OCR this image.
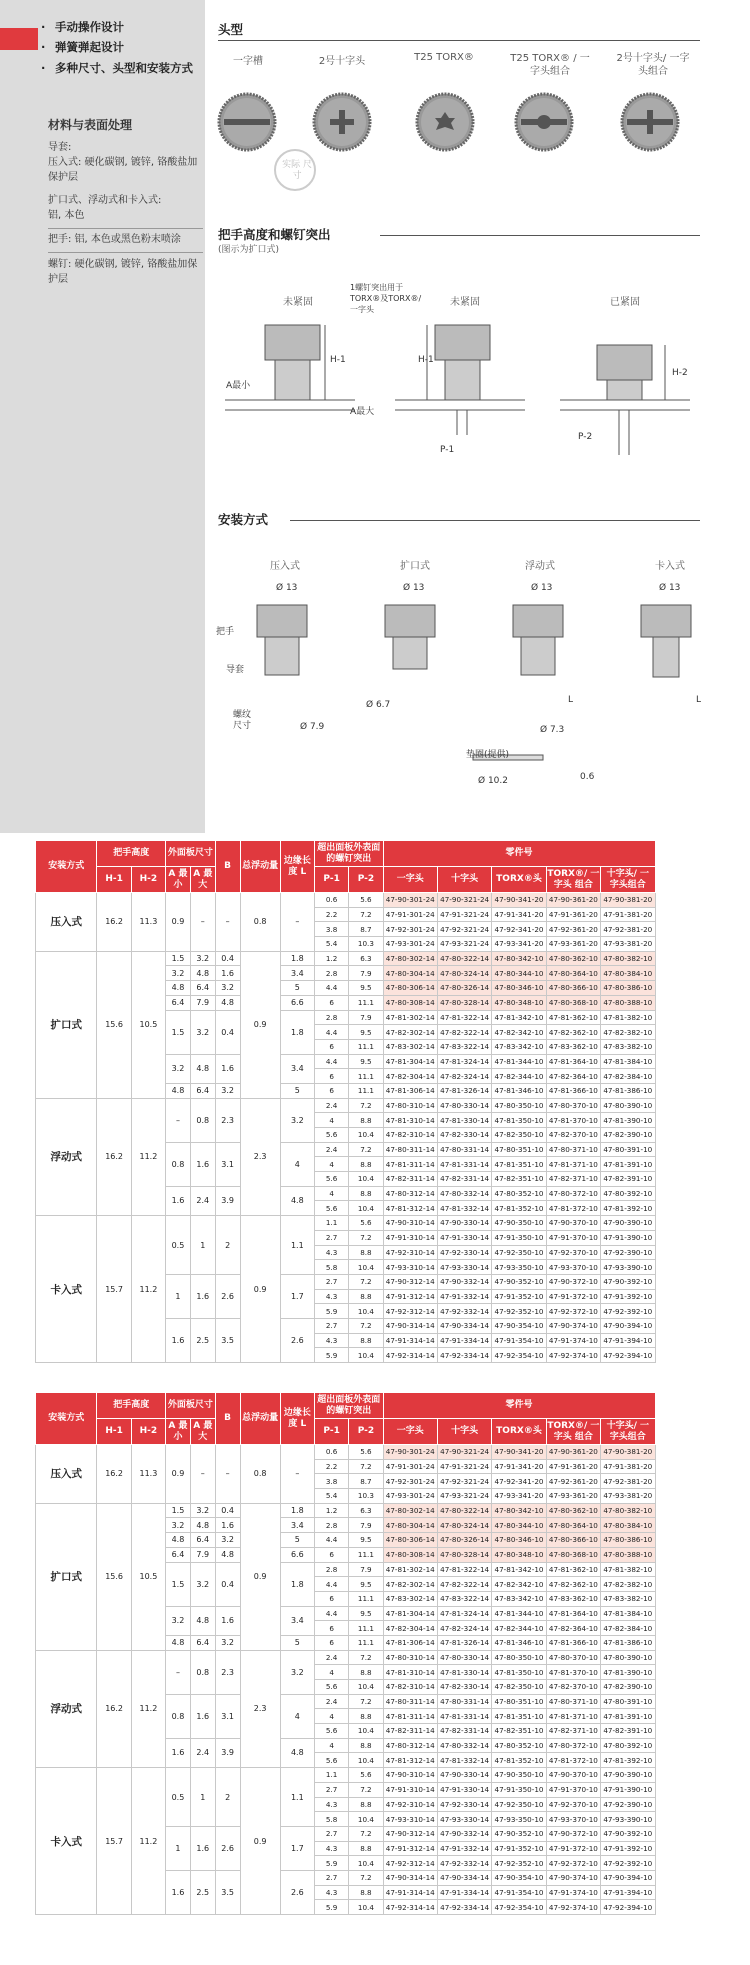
· 手动操作设计
· 弹簧弹起设计
· 多种尺寸、头型和安装方式
材料与表面处理
导套:
压入式: 硬化碳钢, 镀锌, 铬酸盐加保护层
扩口式、浮动式和卡入式:
铝, 本色
把手: 铝, 本色或黑色粉末喷涂
螺钉: 硬化碳钢, 镀锌, 铬酸盐加保护层
头型
一字槽	2号十字头	T25 TORX®	T25 TORX® / 一字头组合
2号十字头/ 一字头组合
实际 尺寸
把手高度和螺钉突出
(图示为扩口式)
未紧固	未紧固	已紧固
1螺钉突出用于TORX®及TORX®/一字头
A最小
A最大
H-1	H-1
H-2
P-1
P-2
安装方式
压入式	扩口式	浮动式	卡入式
Ø 13	Ø 13	Ø 13	Ø 13
把手
导套
螺纹尺寸	Ø 7.9
Ø 6.7
Ø 7.3
L	L
垫圈(提供)
Ø 10.2	0.6
安装方式	把手高度		外面板尺寸		B	总浮动量	边缘长度 L	超出面板外表面的螺钉突出		零件号				
	H-1	H-2	A 最小	A 最大				P-1	P-2	一字头	十字头	TORX®头	TORX®/ 一字头 组合	十字头/ 一 字头组合
压入式	16.2	11.3	0.9	–	–	0.8	–	0.6	5.6	47-90-301-24	47-90-321-24	47-90-341-20	47-90-361-20	47-90-381-20
								2.2	7.2	47-91-301-24	47-91-321-24	47-91-341-20	47-91-361-20	47-91-381-20
								3.8	8.7	47-92-301-24	47-92-321-24	47-92-341-20	47-92-361-20	47-92-381-20
								5.4	10.3	47-93-301-24	47-93-321-24	47-93-341-20	47-93-361-20	47-93-381-20
扩口式	15.6	10.5	1.5	3.2	0.4	0.9	1.8	1.2	6.3	47-80-302-14	47-80-322-14	47-80-342-10	47-80-362-10	47-80-382-10
			3.2	4.8	1.6		3.4	2.8	7.9	47-80-304-14	47-80-324-14	47-80-344-10	47-80-364-10	47-80-384-10
			4.8	6.4	3.2		5	4.4	9.5	47-80-306-14	47-80-326-14	47-80-346-10	47-80-366-10	47-80-386-10
			6.4	7.9	4.8		6.6	6	11.1	47-80-308-14	47-80-328-14	47-80-348-10	47-80-368-10	47-80-388-10
			1.5	3.2	0.4		1.8	2.8	7.9	47-81-302-14	47-81-322-14	47-81-342-10	47-81-362-10	47-81-382-10
								4.4	9.5	47-82-302-14	47-82-322-14	47-82-342-10	47-82-362-10	47-82-382-10
								6	11.1	47-83-302-14	47-83-322-14	47-83-342-10	47-83-362-10	47-83-382-10
			3.2	4.8	1.6		3.4	4.4	9.5	47-81-304-14	47-81-324-14	47-81-344-10	47-81-364-10	47-81-384-10
								6	11.1	47-82-304-14	47-82-324-14	47-82-344-10	47-82-364-10	47-82-384-10
			4.8	6.4	3.2		5	6	11.1	47-81-306-14	47-81-326-14	47-81-346-10	47-81-366-10	47-81-386-10
浮动式	16.2	11.2	–	0.8	2.3	2.3	3.2	2.4	7.2	47-80-310-14	47-80-330-14	47-80-350-10	47-80-370-10	47-80-390-10
								4	8.8	47-81-310-14	47-81-330-14	47-81-350-10	47-81-370-10	47-81-390-10
								5.6	10.4	47-82-310-14	47-82-330-14	47-82-350-10	47-82-370-10	47-82-390-10
			0.8	1.6	3.1		4	2.4	7.2	47-80-311-14	47-80-331-14	47-80-351-10	47-80-371-10	47-80-391-10
								4	8.8	47-81-311-14	47-81-331-14	47-81-351-10	47-81-371-10	47-81-391-10
								5.6	10.4	47-82-311-14	47-82-331-14	47-82-351-10	47-82-371-10	47-82-391-10
			1.6	2.4	3.9		4.8	4	8.8	47-80-312-14	47-80-332-14	47-80-352-10	47-80-372-10	47-80-392-10
								5.6	10.4	47-81-312-14	47-81-332-14	47-81-352-10	47-81-372-10	47-81-392-10
卡入式	15.7	11.2	0.5	1	2	0.9	1.1	1.1	5.6	47-90-310-14	47-90-330-14	47-90-350-10	47-90-370-10	47-90-390-10
								2.7	7.2	47-91-310-14	47-91-330-14	47-91-350-10	47-91-370-10	47-91-390-10
								4.3	8.8	47-92-310-14	47-92-330-14	47-92-350-10	47-92-370-10	47-92-390-10
								5.8	10.4	47-93-310-14	47-93-330-14	47-93-350-10	47-93-370-10	47-93-390-10
			1	1.6	2.6		1.7	2.7	7.2	47-90-312-14	47-90-332-14	47-90-352-10	47-90-372-10	47-90-392-10
								4.3	8.8	47-91-312-14	47-91-332-14	47-91-352-10	47-91-372-10	47-91-392-10
								5.9	10.4	47-92-312-14	47-92-332-14	47-92-352-10	47-92-372-10	47-92-392-10
			1.6	2.5	3.5		2.6	2.7	7.2	47-90-314-14	47-90-334-14	47-90-354-10	47-90-374-10	47-90-394-10
								4.3	8.8	47-91-314-14	47-91-334-14	47-91-354-10	47-91-374-10	47-91-394-10
								5.9	10.4	47-92-314-14	47-92-334-14	47-92-354-10	47-92-374-10	47-92-394-10
安装方式	把手高度		外面板尺寸		B	总浮动量	边缘长度 L	超出面板外表面的螺钉突出		零件号				
	H-1	H-2	A 最小	A 最大				P-1	P-2	一字头	十字头	TORX®头	TORX®/ 一字头 组合	十字头/ 一 字头组合
压入式	16.2	11.3	0.9	–	–	0.8	–	0.6	5.6	47-90-301-24	47-90-321-24	47-90-341-20	47-90-361-20	47-90-381-20
								2.2	7.2	47-91-301-24	47-91-321-24	47-91-341-20	47-91-361-20	47-91-381-20
								3.8	8.7	47-92-301-24	47-92-321-24	47-92-341-20	47-92-361-20	47-92-381-20
								5.4	10.3	47-93-301-24	47-93-321-24	47-93-341-20	47-93-361-20	47-93-381-20
扩口式	15.6	10.5	1.5	3.2	0.4	0.9	1.8	1.2	6.3	47-80-302-14	47-80-322-14	47-80-342-10	47-80-362-10	47-80-382-10
			3.2	4.8	1.6		3.4	2.8	7.9	47-80-304-14	47-80-324-14	47-80-344-10	47-80-364-10	47-80-384-10
			4.8	6.4	3.2		5	4.4	9.5	47-80-306-14	47-80-326-14	47-80-346-10	47-80-366-10	47-80-386-10
			6.4	7.9	4.8		6.6	6	11.1	47-80-308-14	47-80-328-14	47-80-348-10	47-80-368-10	47-80-388-10
			1.5	3.2	0.4		1.8	2.8	7.9	47-81-302-14	47-81-322-14	47-81-342-10	47-81-362-10	47-81-382-10
								4.4	9.5	47-82-302-14	47-82-322-14	47-82-342-10	47-82-362-10	47-82-382-10
								6	11.1	47-83-302-14	47-83-322-14	47-83-342-10	47-83-362-10	47-83-382-10
			3.2	4.8	1.6		3.4	4.4	9.5	47-81-304-14	47-81-324-14	47-81-344-10	47-81-364-10	47-81-384-10
								6	11.1	47-82-304-14	47-82-324-14	47-82-344-10	47-82-364-10	47-82-384-10
			4.8	6.4	3.2		5	6	11.1	47-81-306-14	47-81-326-14	47-81-346-10	47-81-366-10	47-81-386-10
浮动式	16.2	11.2	–	0.8	2.3	2.3	3.2	2.4	7.2	47-80-310-14	47-80-330-14	47-80-350-10	47-80-370-10	47-80-390-10
								4	8.8	47-81-310-14	47-81-330-14	47-81-350-10	47-81-370-10	47-81-390-10
								5.6	10.4	47-82-310-14	47-82-330-14	47-82-350-10	47-82-370-10	47-82-390-10
			0.8	1.6	3.1		4	2.4	7.2	47-80-311-14	47-80-331-14	47-80-351-10	47-80-371-10	47-80-391-10
								4	8.8	47-81-311-14	47-81-331-14	47-81-351-10	47-81-371-10	47-81-391-10
								5.6	10.4	47-82-311-14	47-82-331-14	47-82-351-10	47-82-371-10	47-82-391-10
			1.6	2.4	3.9		4.8	4	8.8	47-80-312-14	47-80-332-14	47-80-352-10	47-80-372-10	47-80-392-10
								5.6	10.4	47-81-312-14	47-81-332-14	47-81-352-10	47-81-372-10	47-81-392-10
卡入式	15.7	11.2	0.5	1	2	0.9	1.1	1.1	5.6	47-90-310-14	47-90-330-14	47-90-350-10	47-90-370-10	47-90-390-10
								2.7	7.2	47-91-310-14	47-91-330-14	47-91-350-10	47-91-370-10	47-91-390-10
								4.3	8.8	47-92-310-14	47-92-330-14	47-92-350-10	47-92-370-10	47-92-390-10
								5.8	10.4	47-93-310-14	47-93-330-14	47-93-350-10	47-93-370-10	47-93-390-10
			1	1.6	2.6		1.7	2.7	7.2	47-90-312-14	47-90-332-14	47-90-352-10	47-90-372-10	47-90-392-10
								4.3	8.8	47-91-312-14	47-91-332-14	47-91-352-10	47-91-372-10	47-91-392-10
								5.9	10.4	47-92-312-14	47-92-332-14	47-92-352-10	47-92-372-10	47-92-392-10
			1.6	2.5	3.5		2.6	2.7	7.2	47-90-314-14	47-90-334-14	47-90-354-10	47-90-374-10	47-90-394-10
								4.3	8.8	47-91-314-14	47-91-334-14	47-91-354-10	47-91-374-10	47-91-394-10
								5.9	10.4	47-92-314-14	47-92-334-14	47-92-354-10	47-92-374-10	47-92-394-10
